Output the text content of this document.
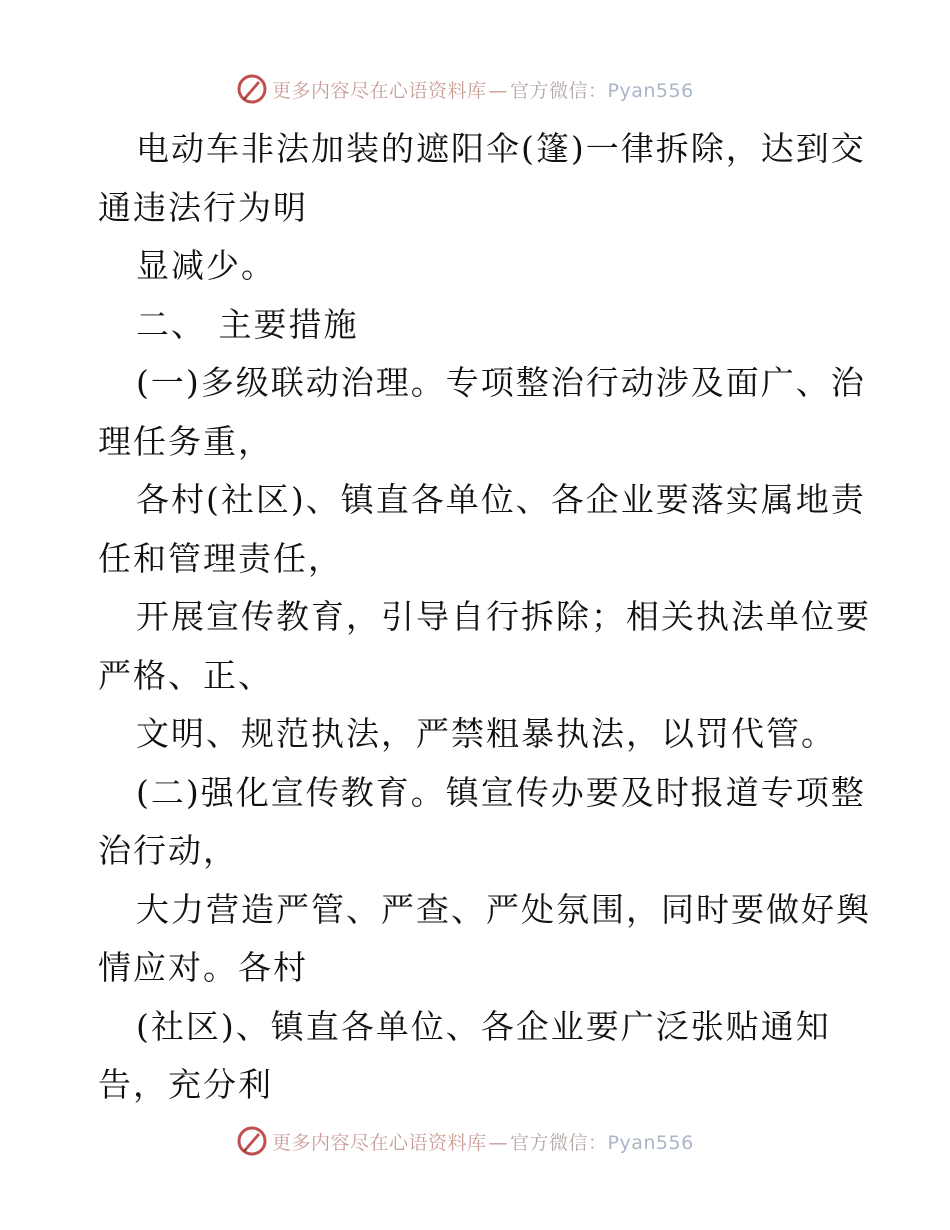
更多内容尽在心语资料库 — 官方微信：Pyan556
电动车非法加装的遮阳伞(篷)一律拆除，达到交
通违法行为明
显减少。
二、 主要措施
(一)多级联动治理。专项整治行动涉及面广、治
理任务重，
各村(社区)、镇直各单位、各企业要落实属地责
任和管理责任，
开展宣传教育，引导自行拆除；相关执法单位要
严格、正、
文明、规范执法，严禁粗暴执法，以罚代管。
(二)强化宣传教育。镇宣传办要及时报道专项整
治行动，
大力营造严管、严查、严处氛围，同时要做好舆
情应对。各村
(社区)、镇直各单位、各企业要广泛张贴通知
告，充分利
更多内容尽在心语资料库 — 官方微信：Pyan556
